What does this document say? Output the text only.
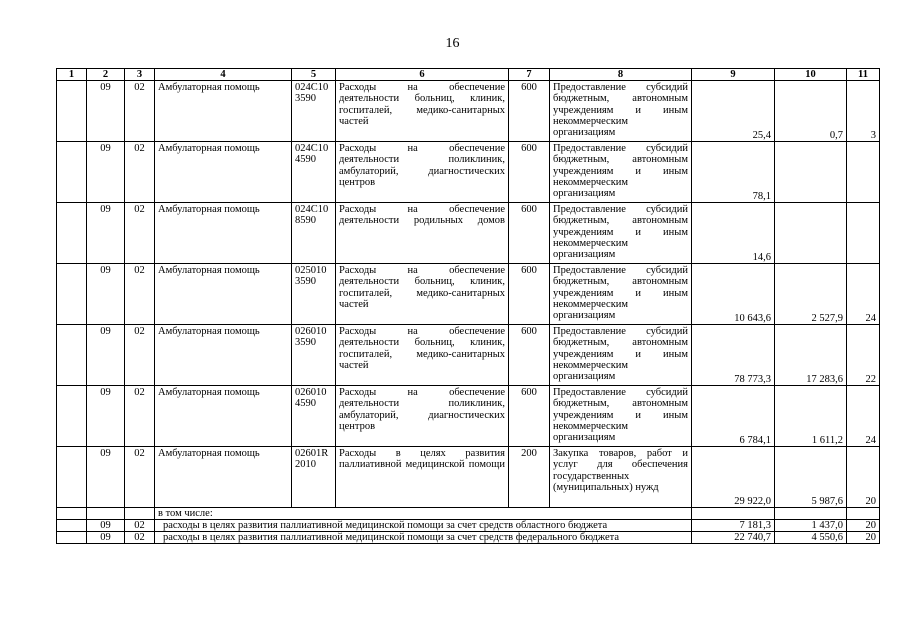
16
1	2	3	4	5	6	7	8	9	10	11
	09	02	Амбулаторная помощь	024С10 3590	Расходы на обеспечение деятельности больниц, клиник, госпиталей, медико-санитарных частей	600	Предоставление субсидий бюджетным, автономным учреждениям и иным некоммерческим организациям	25,4	0,7	3
	09	02	Амбулаторная помощь	024С10 4590	Расходы на обеспечение деятельности поликлиник, амбулаторий, диагностических центров	600	Предоставление субсидий бюджетным, автономным учреждениям и иным некоммерческим организациям	78,1		
	09	02	Амбулаторная помощь	024С10 8590	Расходы на обеспечение деятельности родильных домов	600	Предоставление субсидий бюджетным, автономным учреждениям и иным некоммерческим организациям	14,6		
	09	02	Амбулаторная помощь	025010 3590	Расходы на обеспечение деятельности больниц, клиник, госпиталей, медико-санитарных частей	600	Предоставление субсидий бюджетным, автономным учреждениям и иным некоммерческим организациям	10 643,6	2 527,9	24
	09	02	Амбулаторная помощь	026010 3590	Расходы на обеспечение деятельности больниц, клиник, госпиталей, медико-санитарных частей	600	Предоставление субсидий бюджетным, автономным учреждениям и иным некоммерческим организациям	78 773,3	17 283,6	22
	09	02	Амбулаторная помощь	026010 4590	Расходы на обеспечение деятельности поликлиник, амбулаторий, диагностических центров	600	Предоставление субсидий бюджетным, автономным учреждениям и иным некоммерческим организациям	6 784,1	1 611,2	24
	09	02	Амбулаторная помощь	02601R 2010	Расходы в целях развития паллиативной медицинской помощи	200	Закупка товаров, работ и услуг для обеспечения государственных (муниципальных) нужд	29 922,0	5 987,6	20
			в том числе:							
	09	02	расходы в целях развития паллиативной медицинской помощи за счет средств областного бюджета					7 181,3	1 437,0	20
	09	02	расходы в целях развития паллиативной медицинской помощи за счет средств федерального бюджета					22 740,7	4 550,6	20
